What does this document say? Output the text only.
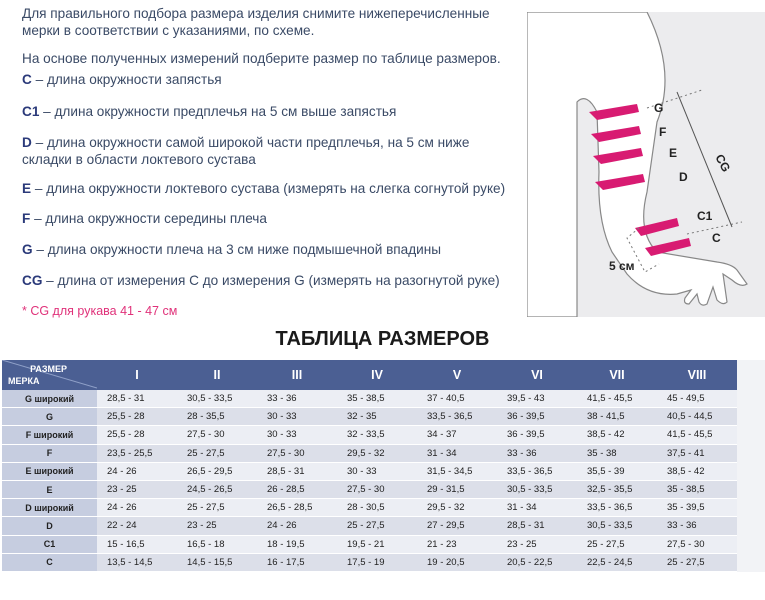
Для правильного подбора размера изделия снимите нижеперечисленные мерки в соответствии с указаниями, по схеме.

На основе полученных измерений подберите размер по таблице размеров.

C – длина окружности запястья
C1 – длина окружности предплечья на 5 см выше запястья
D – длина окружности самой широкой части предплечья, на 5 см ниже складки в области локтевого сустава
E – длина окружности локтевого сустава (измерять на слегка согнутой руке)
F – длина окружности середины плеча
G – длина окружности плеча на 3 см ниже подмышечной впадины
CG – длина от измерения C до измерения G (измерять на разогнутой руке)
* CG для рукава 41 - 47 см
G
F
E
D
C1
C
CG
5 см
ТАБЛИЦА РАЗМЕРОВ
РАЗМЕР
МЕРКА	I	II	III	IV	V	VI	VII	VIII
G широкий	28,5 - 31	30,5 - 33,5	33 - 36	35 - 38,5	37 - 40,5	39,5 - 43	41,5 - 45,5	45 - 49,5
G	25,5 - 28	28 - 35,5	30 - 33	32 - 35	33,5 - 36,5	36 - 39,5	38 - 41,5	40,5 - 44,5
F широкий	25,5 - 28	27,5 - 30	30 - 33	32 - 33,5	34 - 37	36 - 39,5	38,5 - 42	41,5 - 45,5
F	23,5 - 25,5	25 - 27,5	27,5 - 30	29,5 - 32	31 - 34	33 - 36	35 - 38	37,5 - 41
E широкий	24 - 26	26,5 - 29,5	28,5 - 31	30 - 33	31,5 - 34,5	33,5 - 36,5	35,5 - 39	38,5 - 42
E	23 - 25	24,5 - 26,5	26 - 28,5	27,5 - 30	29 - 31,5	30,5 - 33,5	32,5 - 35,5	35 - 38,5
D широкий	24 - 26	25 - 27,5	26,5 - 28,5	28 - 30,5	29,5 - 32	31 - 34	33,5 - 36,5	35 - 39,5
D	22 - 24	23 - 25	24 - 26	25 - 27,5	27 - 29,5	28,5 - 31	30,5 - 33,5	33 - 36
C1	15 - 16,5	16,5 - 18	18 - 19,5	19,5 - 21	21 - 23	23 - 25	25 - 27,5	27,5 - 30
C	13,5 - 14,5	14,5 - 15,5	16 - 17,5	17,5 - 19	19 - 20,5	20,5 - 22,5	22,5 - 24,5	25 - 27,5
